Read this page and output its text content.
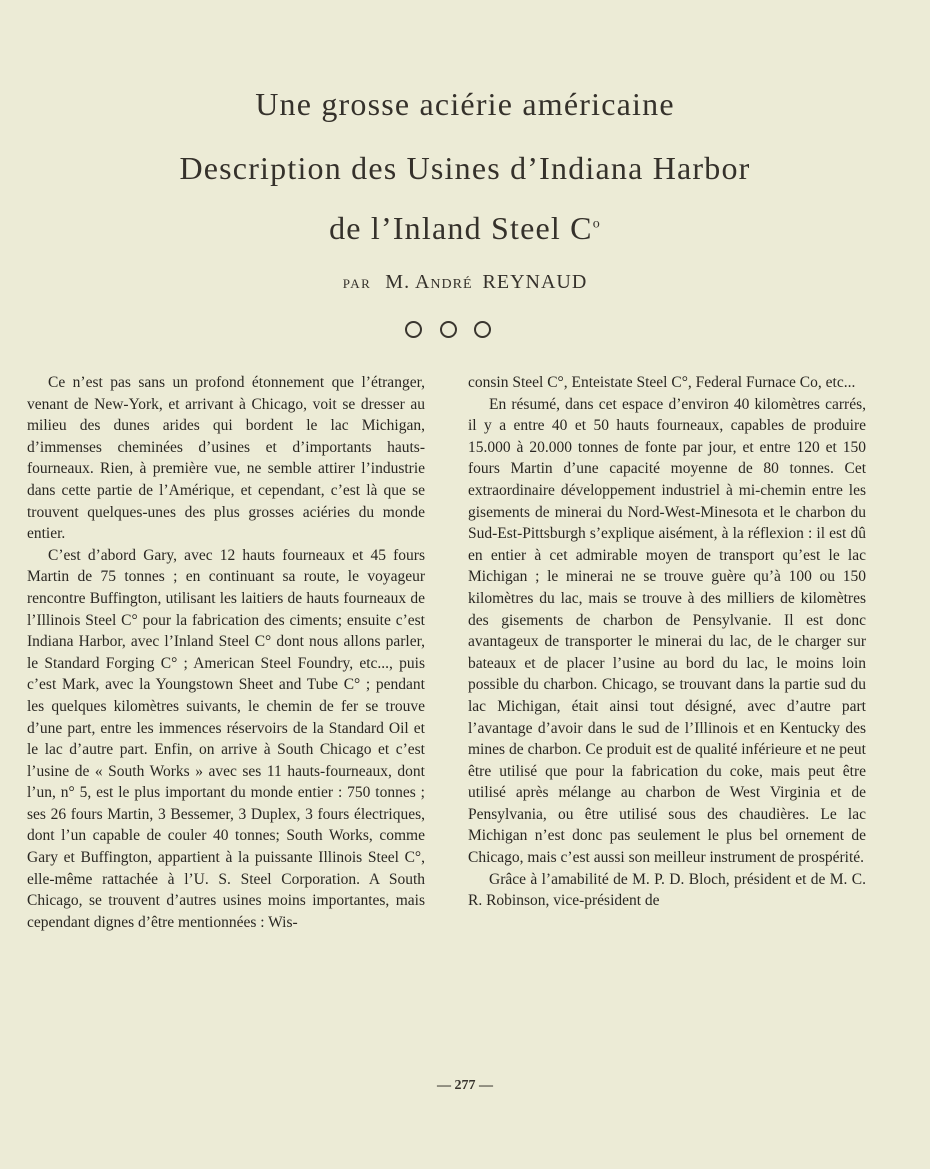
Une grosse aciérie américaine
Description des Usines d’Indiana Harbor
de l’Inland Steel $C^o$
PAR M. André REYNAUD

Ce n’est pas sans un profond étonnement que l’étranger, venant de New-York, et arrivant à Chicago, voit se dresser au milieu des dunes arides qui bordent le lac Michigan, d’immenses cheminées d’usines et d’importants hauts-fourneaux. Rien, à première vue, ne semble attirer l’industrie dans cette partie de l’Amérique, et cependant, c’est là que se trouvent quelques-unes des plus grosses aciéries du monde entier.

C’est d’abord Gary, avec 12 hauts fourneaux et 45 fours Martin de 75 tonnes ; en continuant sa route, le voyageur rencontre Buffington, utilisant les laitiers de hauts fourneaux de l’Illinois Steel C° pour la fabrication des ciments; ensuite c’est Indiana Harbor, avec l’Inland Steel C° dont nous allons parler, le Standard Forging C° ; American Steel Foundry, etc..., puis c’est Mark, avec la Youngstown Sheet and Tube C° ; pendant les quelques kilomètres suivants, le chemin de fer se trouve d’une part, entre les immences réservoirs de la Standard Oil et le lac d’autre part. Enfin, on arrive à South Chicago et c’est l’usine de « South Works » avec ses 11 hauts-fourneaux, dont l’un, n° 5, est le plus important du monde entier : 750 tonnes ; ses 26 fours Martin, 3 Bessemer, 3 Duplex, 3 fours électriques, dont l’un capable de couler 40 tonnes; South Works, comme Gary et Buffington, appartient à la puissante Illinois Steel C°, elle-même rattachée à l’U. S. Steel Corporation. A South Chicago, se trouvent d’autres usines moins importantes, mais cependant dignes d’être mentionnées : Wis-

consin Steel C°, Enteistate Steel C°, Federal Furnace Co, etc...

En résumé, dans cet espace d’environ 40 kilomètres carrés, il y a entre 40 et 50 hauts fourneaux, capables de produire 15.000 à 20.000 tonnes de fonte par jour, et entre 120 et 150 fours Martin d’une capacité moyenne de 80 tonnes. Cet extraordinaire développement industriel à mi-chemin entre les gisements de minerai du Nord-West-Minesota et le charbon du Sud-Est-Pittsburgh s’explique aisément, à la réflexion : il est dû en entier à cet admirable moyen de transport qu’est le lac Michigan ; le minerai ne se trouve guère qu’à 100 ou 150 kilomètres du lac, mais se trouve à des milliers de kilomètres des gisements de charbon de Pensylvanie. Il est donc avantageux de transporter le minerai du lac, de le charger sur bateaux et de placer l’usine au bord du lac, le moins loin possible du charbon. Chicago, se trouvant dans la partie sud du lac Michigan, était ainsi tout désigné, avec d’autre part l’avantage d’avoir dans le sud de l’Illinois et en Kentucky des mines de charbon. Ce produit est de qualité inférieure et ne peut être utilisé que pour la fabrication du coke, mais peut être utilisé après mélange au charbon de West Virginia et de Pensylvania, ou être utilisé sous des chaudières. Le lac Michigan n’est donc pas seulement le plus bel ornement de Chicago, mais c’est aussi son meilleur instrument de prospérité.

Grâce à l’amabilité de M. P. D. Bloch, président et de M. C. R. Robinson, vice-président de

— 277 —
